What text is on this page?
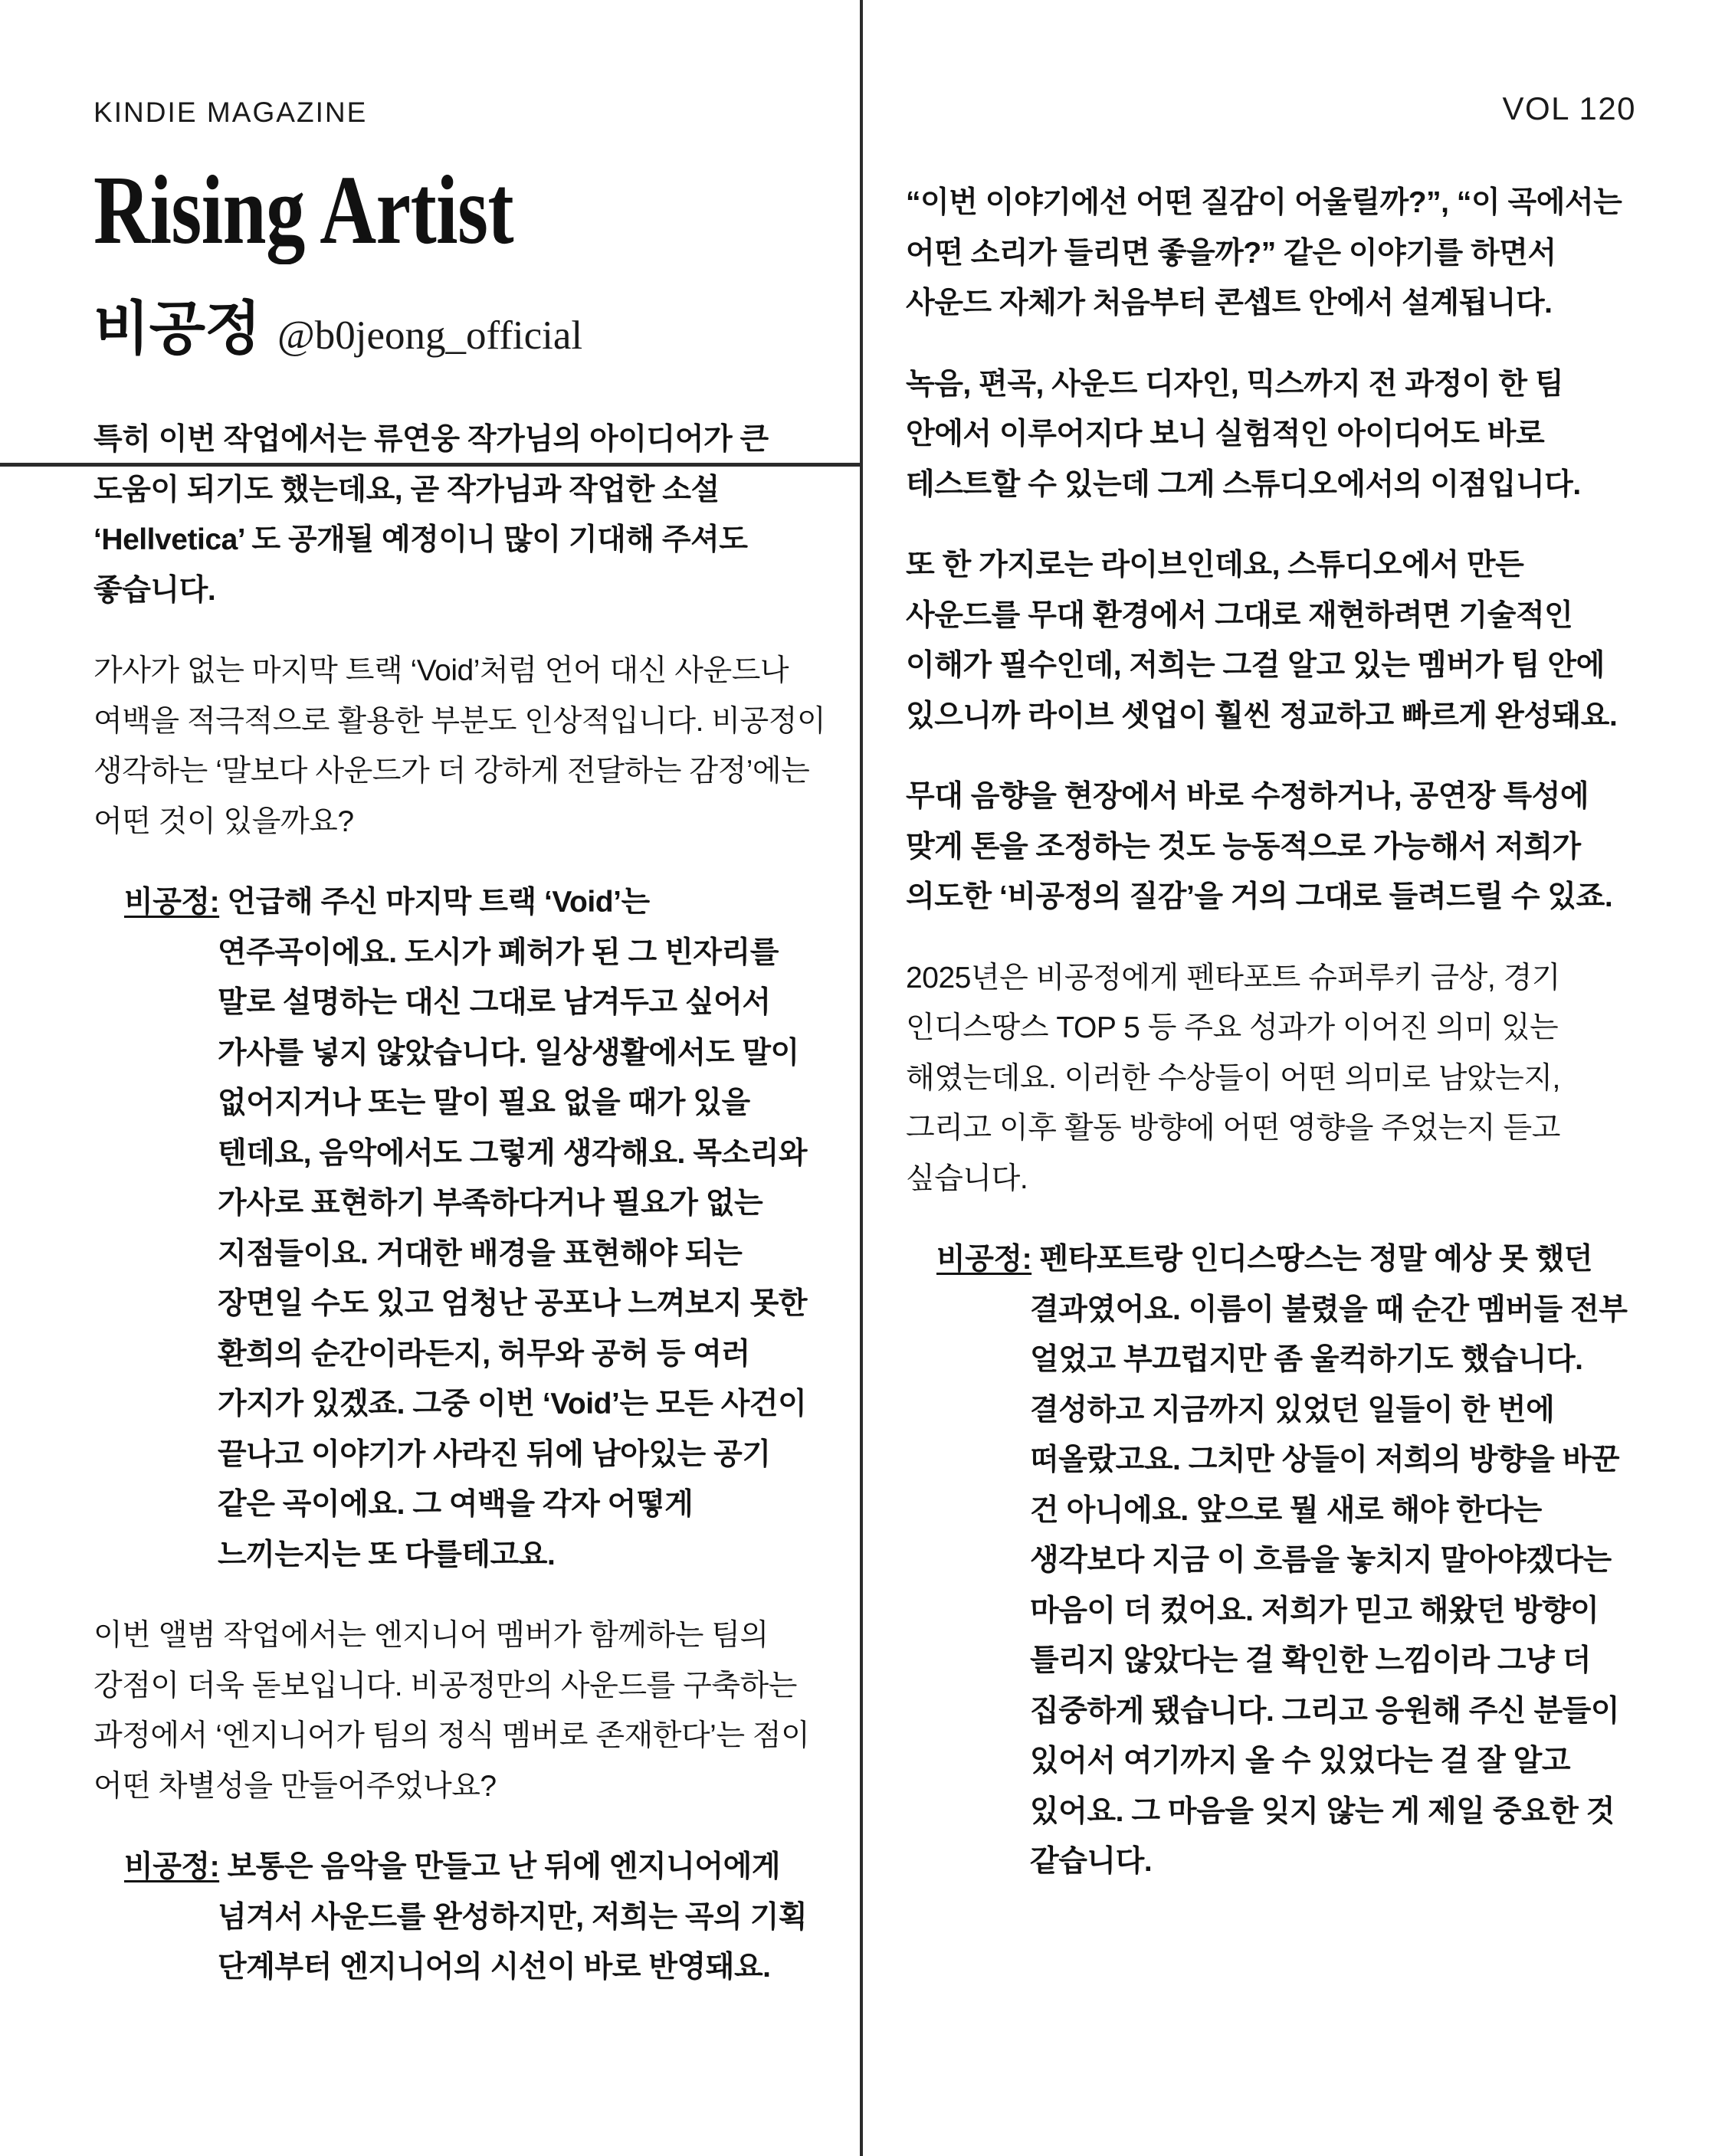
VOL 120
KINDIE MAGAZINE
Rising Artist
비공정 @b0jeong_official

특히 이번 작업에서는 류연웅 작가님의 아이디어가 큰 도움이 되기도 했는데요, 곧 작가님과 작업한 소설 ‘Hellvetica’ 도 공개될 예정이니 많이 기대해 주셔도 좋습니다.

가사가 없는 마지막 트랙 ‘Void’처럼 언어 대신 사운드나 여백을 적극적으로 활용한 부분도 인상적입니다. 비공정이 생각하는 ‘말보다 사운드가 더 강하게 전달하는 감정’에는 어떤 것이 있을까요?

비공정: 언급해 주신 마지막 트랙 ‘Void’는 연주곡이에요. 도시가 폐허가 된 그 빈자리를 말로 설명하는 대신 그대로 남겨두고 싶어서 가사를 넣지 않았습니다. 일상생활에서도 말이 없어지거나 또는 말이 필요 없을 때가 있을 텐데요, 음악에서도 그렇게 생각해요. 목소리와 가사로 표현하기 부족하다거나 필요가 없는 지점들이요. 거대한 배경을 표현해야 되는 장면일 수도 있고 엄청난 공포나 느껴보지 못한 환희의 순간이라든지, 허무와 공허 등 여러 가지가 있겠죠. 그중 이번 ‘Void’는 모든 사건이 끝나고 이야기가 사라진 뒤에 남아있는 공기 같은 곡이에요. 그 여백을 각자 어떻게 느끼는지는 또 다를테고요.

이번 앨범 작업에서는 엔지니어 멤버가 함께하는 팀의 강점이 더욱 돋보입니다. 비공정만의 사운드를 구축하는 과정에서 ‘엔지니어가 팀의 정식 멤버로 존재한다’는 점이 어떤 차별성을 만들어주었나요?

비공정: 보통은 음악을 만들고 난 뒤에 엔지니어에게 넘겨서 사운드를 완성하지만, 저희는 곡의 기획 단계부터 엔지니어의 시선이 바로 반영돼요.

“이번 이야기에선 어떤 질감이 어울릴까?”, “이 곡에서는 어떤 소리가 들리면 좋을까?” 같은 이야기를 하면서 사운드 자체가 처음부터 콘셉트 안에서 설계됩니다.

녹음, 편곡, 사운드 디자인, 믹스까지 전 과정이 한 팀 안에서 이루어지다 보니 실험적인 아이디어도 바로 테스트할 수 있는데 그게 스튜디오에서의 이점입니다.

또 한 가지로는 라이브인데요, 스튜디오에서 만든 사운드를 무대 환경에서 그대로 재현하려면 기술적인 이해가 필수인데, 저희는 그걸 알고 있는 멤버가 팀 안에 있으니까 라이브 셋업이 훨씬 정교하고 빠르게 완성돼요.

무대 음향을 현장에서 바로 수정하거나, 공연장 특성에 맞게 톤을 조정하는 것도 능동적으로 가능해서 저희가 의도한 ‘비공정의 질감’을 거의 그대로 들려드릴 수 있죠.

2025년은 비공정에게 펜타포트 슈퍼루키 금상, 경기 인디스땅스 TOP 5 등 주요 성과가 이어진 의미 있는 해였는데요. 이러한 수상들이 어떤 의미로 남았는지, 그리고 이후 활동 방향에 어떤 영향을 주었는지 듣고 싶습니다.

비공정: 펜타포트랑 인디스땅스는 정말 예상 못 했던 결과였어요. 이름이 불렸을 때 순간 멤버들 전부 얼었고 부끄럽지만 좀 울컥하기도 했습니다. 결성하고 지금까지 있었던 일들이 한 번에 떠올랐고요. 그치만 상들이 저희의 방향을 바꾼 건 아니에요. 앞으로 뭘 새로 해야 한다는 생각보다 지금 이 흐름을 놓치지 말아야겠다는 마음이 더 컸어요. 저희가 믿고 해왔던 방향이 틀리지 않았다는 걸 확인한 느낌이라 그냥 더 집중하게 됐습니다. 그리고 응원해 주신 분들이 있어서 여기까지 올 수 있었다는 걸 잘 알고 있어요. 그 마음을 잊지 않는 게 제일 중요한 것 같습니다.
